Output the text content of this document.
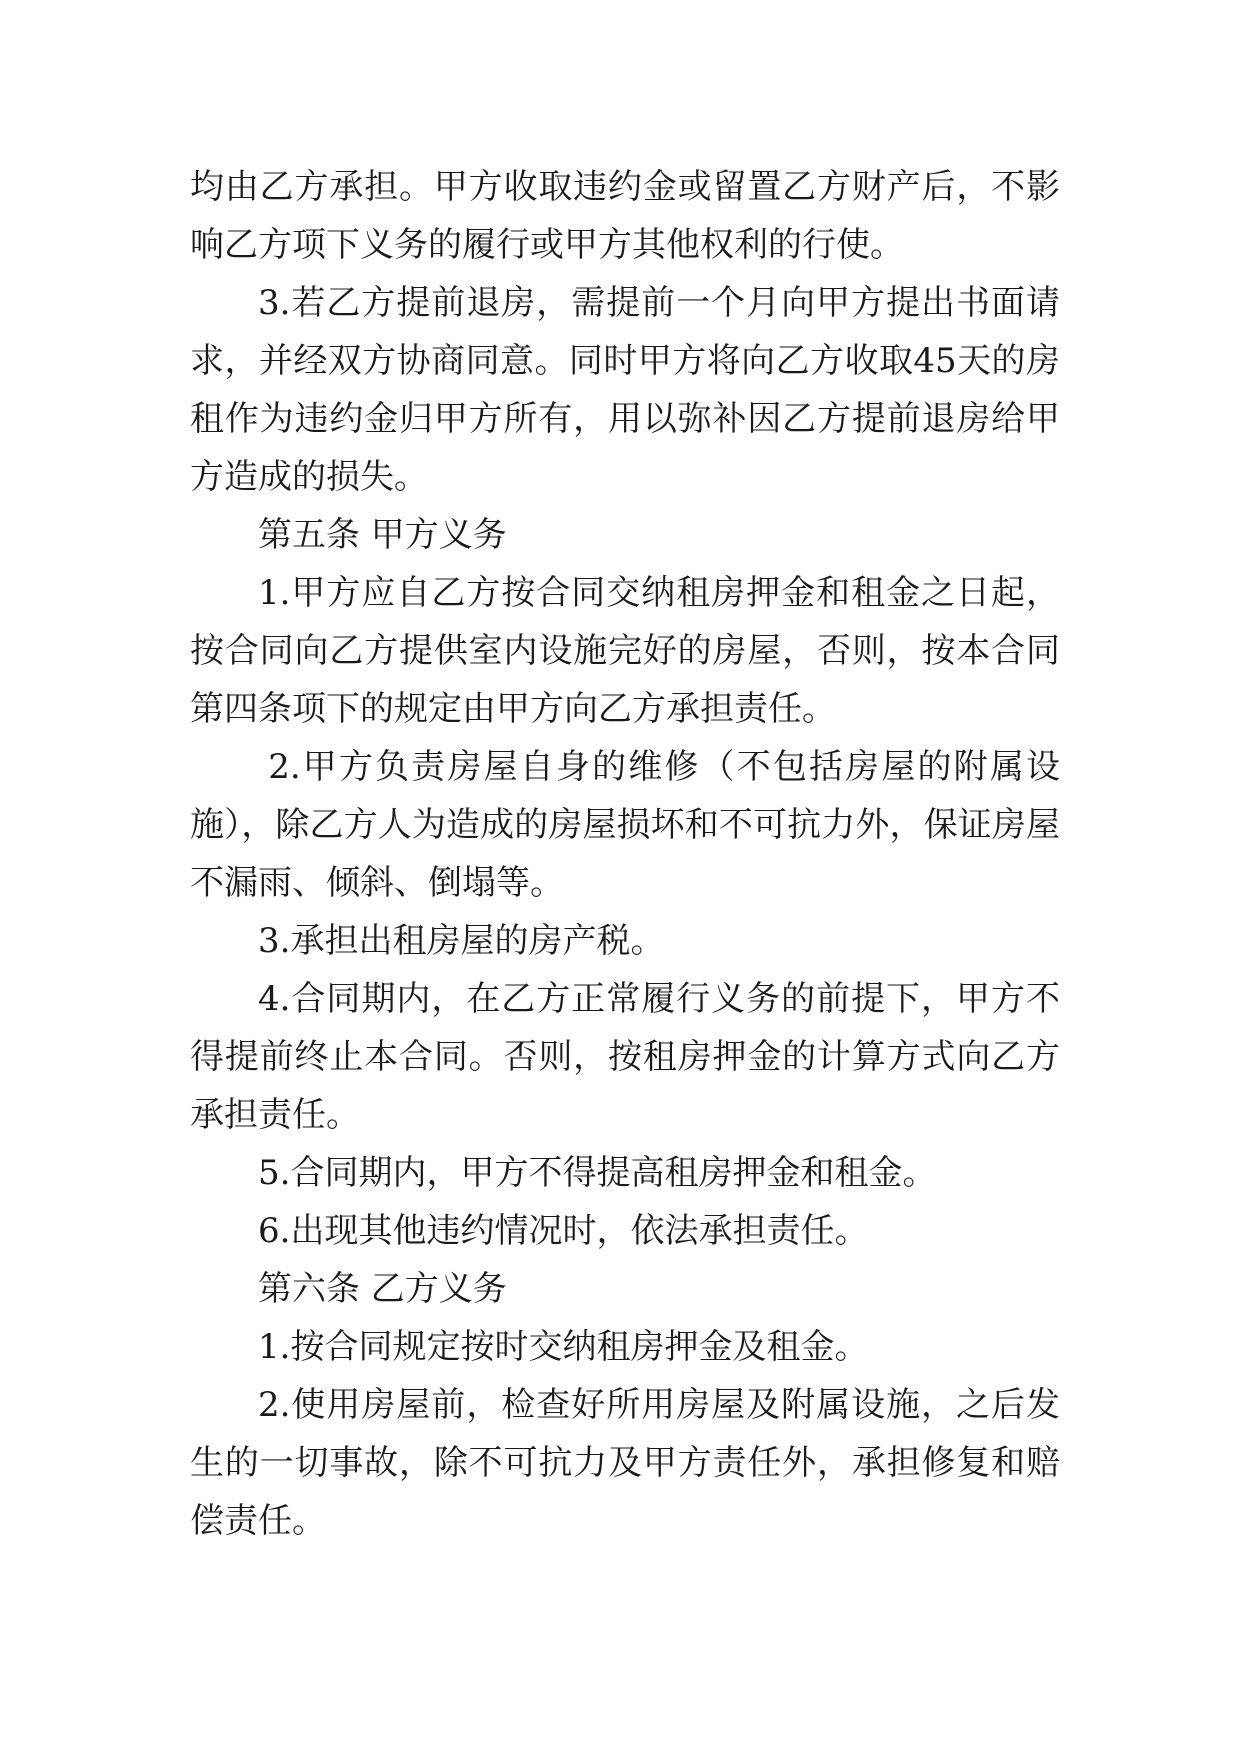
均由乙方承担。甲方收取违约金或留置乙方财产后，不影响乙方项下义务的履行或甲方其他权利的行使。

3.若乙方提前退房，需提前一个月向甲方提出书面请求，并经双方协商同意。同时甲方将向乙方收取45天的房租作为违约金归甲方所有，用以弥补因乙方提前退房给甲方造成的损失。

第五条 甲方义务

1.甲方应自乙方按合同交纳租房押金和租金之日起，按合同向乙方提供室内设施完好的房屋，否则，按本合同第四条项下的规定由甲方向乙方承担责任。

2.甲方负责房屋自身的维修（不包括房屋的附属设施），除乙方人为造成的房屋损坏和不可抗力外，保证房屋不漏雨、倾斜、倒塌等。

3.承担出租房屋的房产税。

4.合同期内，在乙方正常履行义务的前提下，甲方不得提前终止本合同。否则，按租房押金的计算方式向乙方承担责任。

5.合同期内，甲方不得提高租房押金和租金。

6.出现其他违约情况时，依法承担责任。

第六条 乙方义务

1.按合同规定按时交纳租房押金及租金。

2.使用房屋前，检查好所用房屋及附属设施，之后发生的一切事故，除不可抗力及甲方责任外，承担修复和赔偿责任。
